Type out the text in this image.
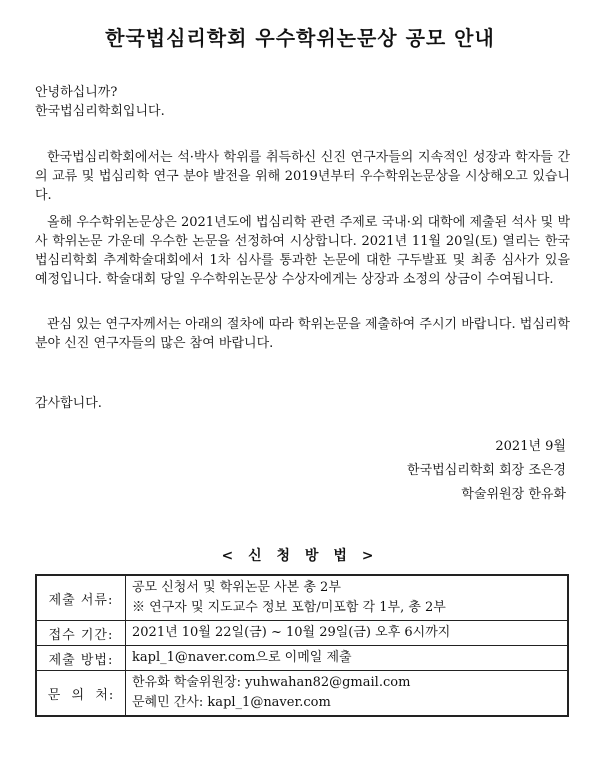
한국법심리학회 우수학위논문상 공모 안내
안녕하십니까?
한국법심리학회입니다.

한국법심리학회에서는 석·박사 학위를 취득하신 신진 연구자들의 지속적인 성장과 학자들 간의 교류 및 법심리학 연구 분야 발전을 위해 2019년부터 우수학위논문상을 시상해오고 있습니다.

올해 우수학위논문상은 2021년도에 법심리학 관련 주제로 국내·외 대학에 제출된 석사 및 박사 학위논문 가운데 우수한 논문을 선정하여 시상합니다. 2021년 11월 20일(토) 열리는 한국법심리학회 추계학술대회에서 1차 심사를 통과한 논문에 대한 구두발표 및 최종 심사가 있을 예정입니다. 학술대회 당일 우수학위논문상 수상자에게는 상장과 소정의 상금이 수여됩니다.

관심 있는 연구자께서는 아래의 절차에 따라 학위논문을 제출하여 주시기 바랍니다. 법심리학 분야 신진 연구자들의 많은 참여 바랍니다.

감사합니다.
2021년 9월
한국법심리학회 회장 조은경
학술위원장 한유화
< 신 청 방 법 >
제출 서류:	공모 신청서 및 학위논문 사본 총 2부
※ 연구자 및 지도교수 정보 포함/미포함 각 1부, 총 2부

접수 기간:	2021년 10월 22일(금) ~ 10월 29일(금) 오후 6시까지

제출 방법:	kapl_1@naver.com으로 이메일 제출

문  의  처:	한유화 학술위원장: yuhwahan82@gmail.com
문혜민 간사: kapl_1@naver.com
